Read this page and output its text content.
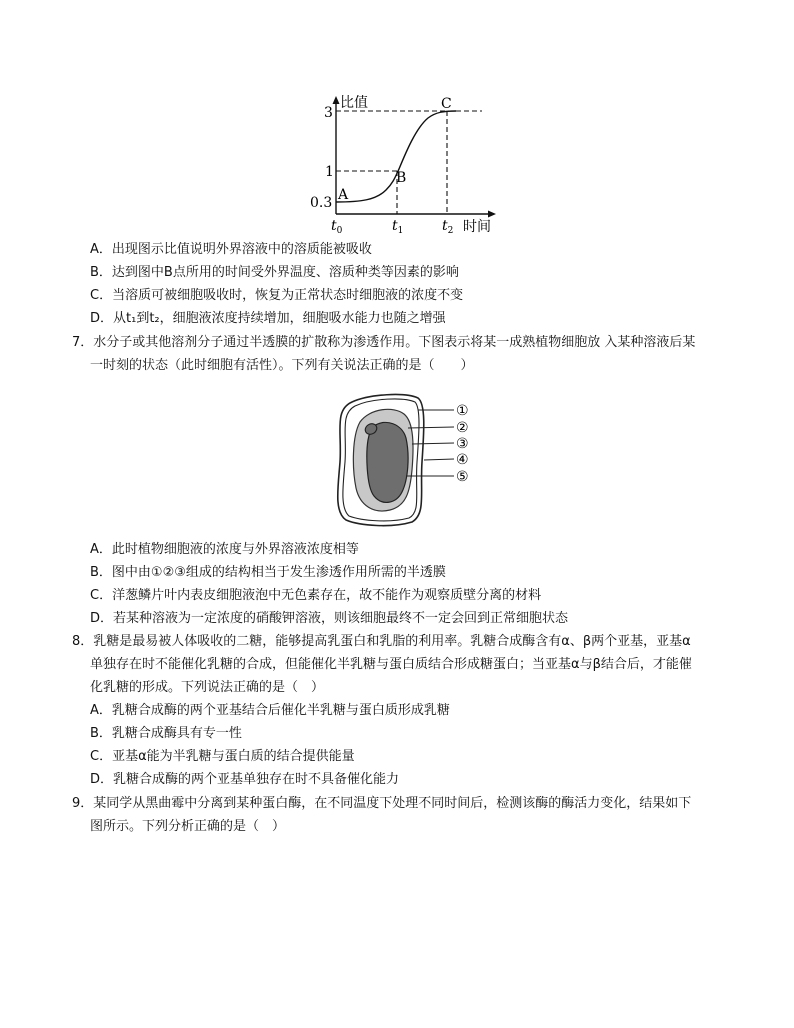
比值
时间
3
1
0.3 A
B
C
$t_0$	$t_1$	$t_2$
A．出现图示比值说明外界溶液中的溶质能被吸收
B．达到图中B点所用的时间受外界温度、溶质种类等因素的影响
C．当溶质可被细胞吸收时，恢复为正常状态时细胞液的浓度不变
D．从t₁到t₂，细胞液浓度持续增加，细胞吸水能力也随之增强
7．水分子或其他溶剂分子通过半透膜的扩散称为渗透作用。下图表示将某一成熟植物细胞放 入某种溶液后某
一时刻的状态（此时细胞有活性）。下列有关说法正确的是（　　）
①
②
③
④
⑤
A．此时植物细胞液的浓度与外界溶液浓度相等
B．图中由①②③组成的结构相当于发生渗透作用所需的半透膜
C．洋葱鳞片叶内表皮细胞液泡中无色素存在，故不能作为观察质壁分离的材料
D．若某种溶液为一定浓度的硝酸钾溶液，则该细胞最终不一定会回到正常细胞状态
8．乳糖是最易被人体吸收的二糖，能够提高乳蛋白和乳脂的利用率。乳糖合成酶含有α、β两个亚基，亚基α
单独存在时不能催化乳糖的合成，但能催化半乳糖与蛋白质结合形成糖蛋白；当亚基α与β结合后，才能催
化乳糖的形成。下列说法正确的是（　）
A．乳糖合成酶的两个亚基结合后催化半乳糖与蛋白质形成乳糖
B．乳糖合成酶具有专一性
C．亚基α能为半乳糖与蛋白质的结合提供能量
D．乳糖合成酶的两个亚基单独存在时不具备催化能力
9．某同学从黑曲霉中分离到某种蛋白酶，在不同温度下处理不同时间后，检测该酶的酶活力变化，结果如下
图所示。下列分析正确的是（　）
